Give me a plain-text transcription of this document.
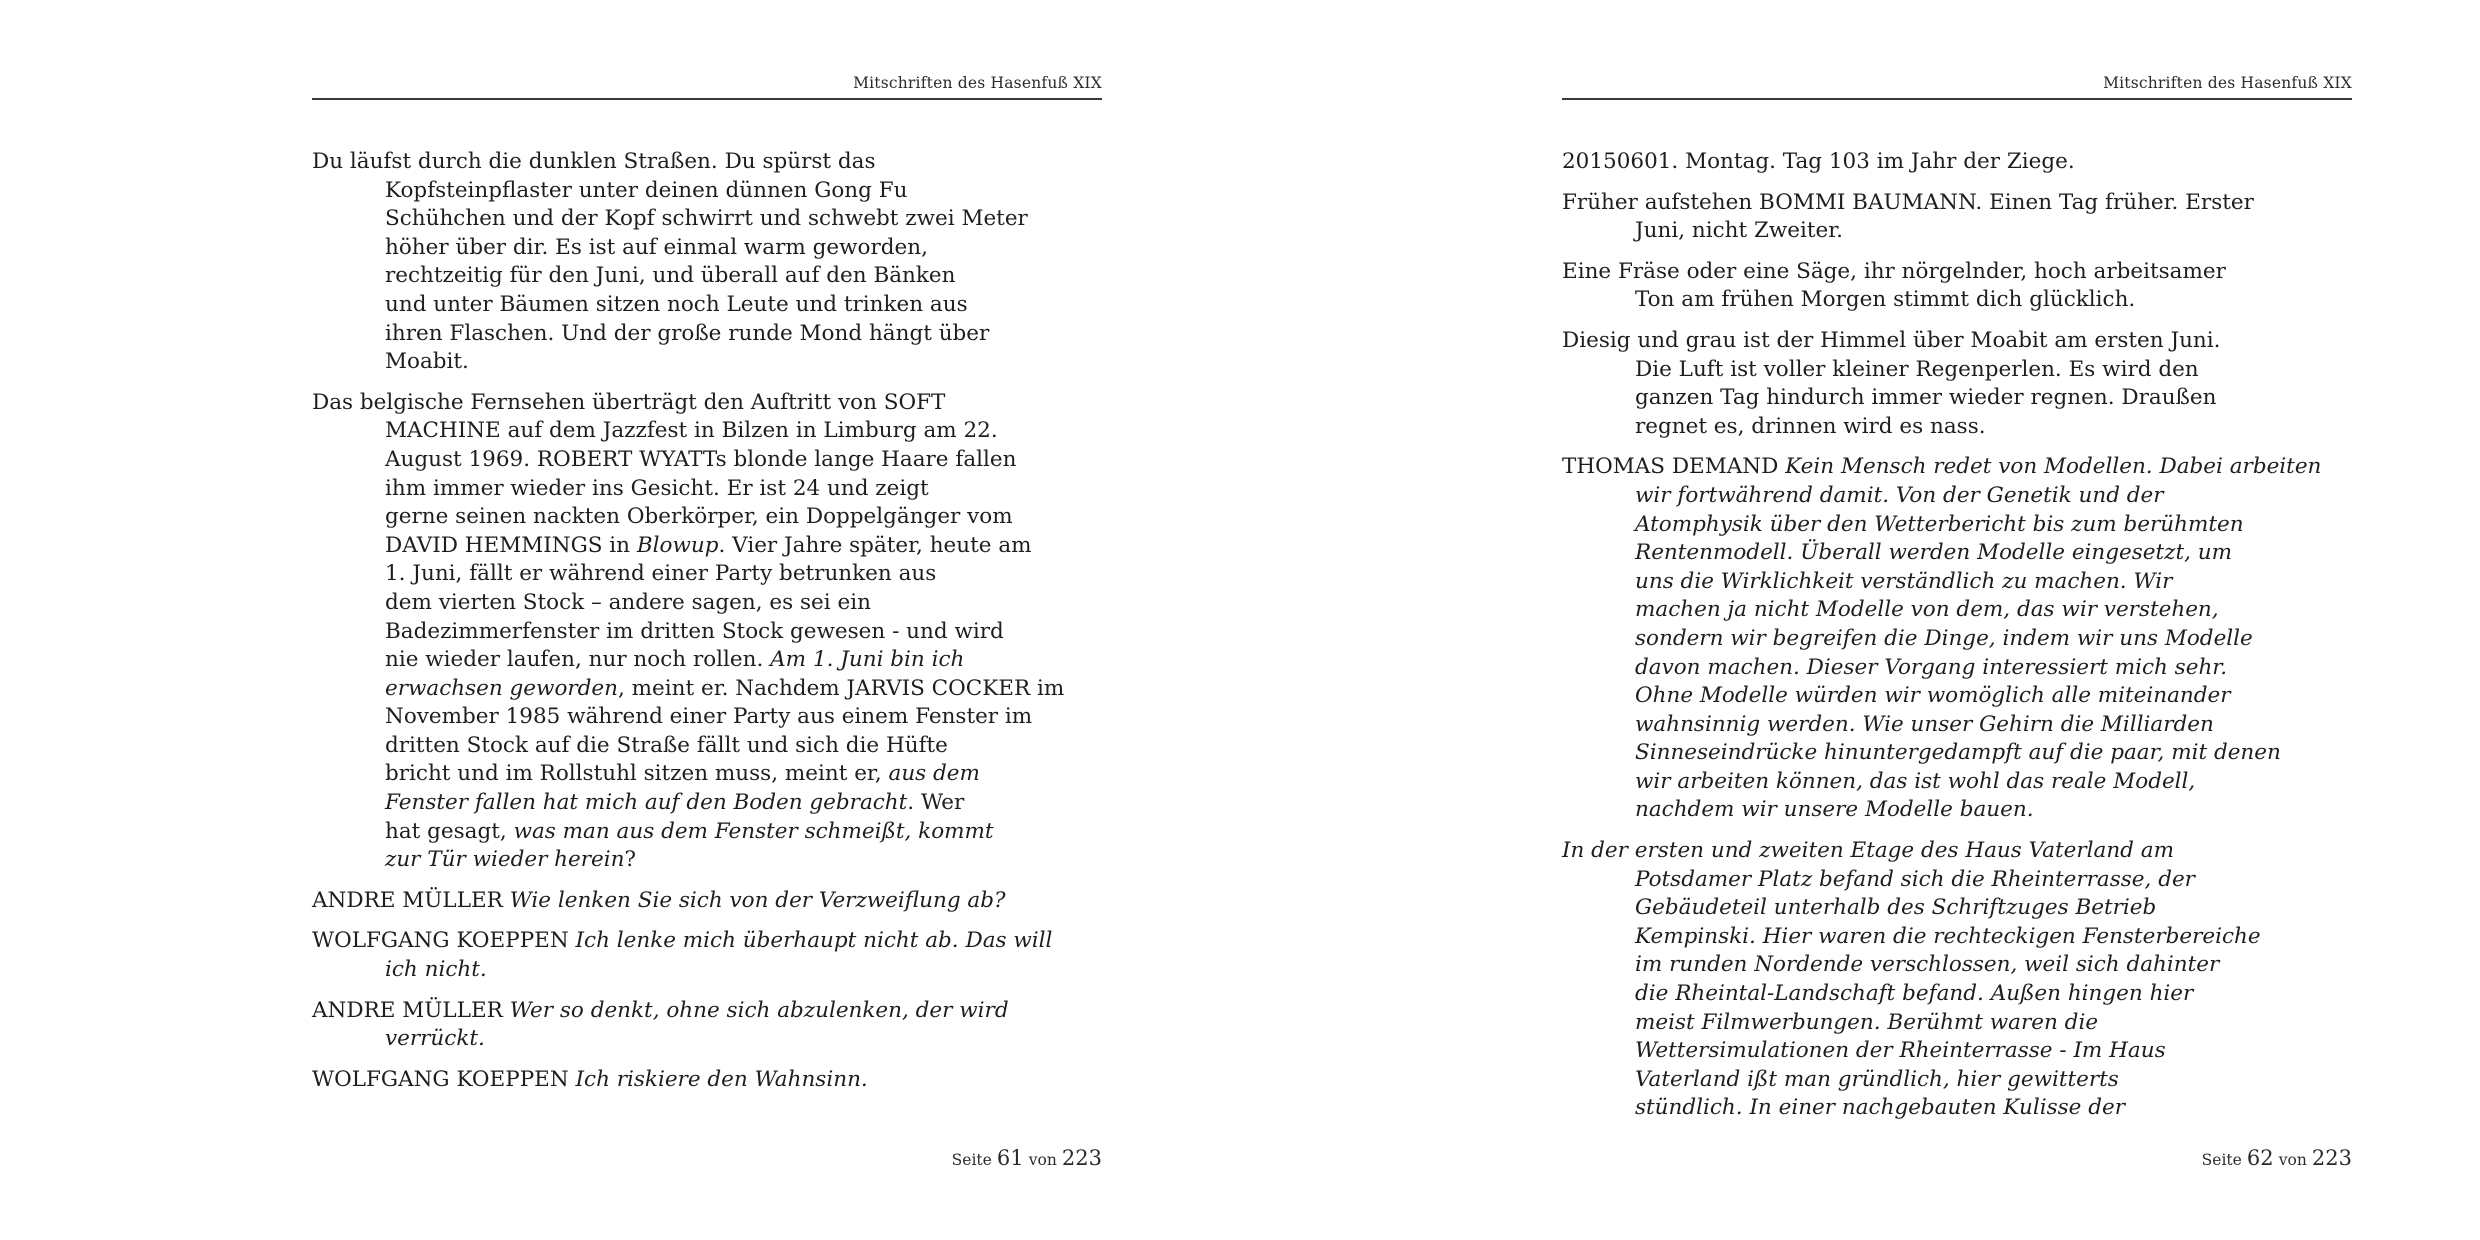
Mitschriften des Hasenfuß XIX

Du läufst durch die dunklen Straßen. Du spürst das
Kopfsteinpflaster unter deinen dünnen Gong Fu
Schühchen und der Kopf schwirrt und schwebt zwei Meter
höher über dir. Es ist auf einmal warm geworden,
rechtzeitig für den Juni, und überall auf den Bänken
und unter Bäumen sitzen noch Leute und trinken aus
ihren Flaschen. Und der große runde Mond hängt über
Moabit.

Das belgische Fernsehen überträgt den Auftritt von SOFT
MACHINE auf dem Jazzfest in Bilzen in Limburg am 22.
August 1969. ROBERT WYATTs blonde lange Haare fallen
ihm immer wieder ins Gesicht. Er ist 24 und zeigt
gerne seinen nackten Oberkörper, ein Doppelgänger vom
DAVID HEMMINGS in Blowup. Vier Jahre später, heute am
1. Juni, fällt er während einer Party betrunken aus
dem vierten Stock – andere sagen, es sei ein
Badezimmerfenster im dritten Stock gewesen - und wird
nie wieder laufen, nur noch rollen. Am 1. Juni bin ich
erwachsen geworden, meint er. Nachdem JARVIS COCKER im
November 1985 während einer Party aus einem Fenster im
dritten Stock auf die Straße fällt und sich die Hüfte
bricht und im Rollstuhl sitzen muss, meint er, aus dem
Fenster fallen hat mich auf den Boden gebracht. Wer
hat gesagt, was man aus dem Fenster schmeißt, kommt
zur Tür wieder herein?

ANDRE MÜLLER Wie lenken Sie sich von der Verzweiflung ab?

WOLFGANG KOEPPEN Ich lenke mich überhaupt nicht ab. Das will
ich nicht.

ANDRE MÜLLER Wer so denkt, ohne sich abzulenken, der wird
verrückt.

WOLFGANG KOEPPEN Ich riskiere den Wahnsinn.

Seite 61 von 223
Mitschriften des Hasenfuß XIX

20150601. Montag. Tag 103 im Jahr der Ziege.

Früher aufstehen BOMMI BAUMANN. Einen Tag früher. Erster
Juni, nicht Zweiter.

Eine Fräse oder eine Säge, ihr nörgelnder, hoch arbeitsamer
Ton am frühen Morgen stimmt dich glücklich.

Diesig und grau ist der Himmel über Moabit am ersten Juni.
Die Luft ist voller kleiner Regenperlen. Es wird den
ganzen Tag hindurch immer wieder regnen. Draußen
regnet es, drinnen wird es nass.

THOMAS DEMAND Kein Mensch redet von Modellen. Dabei arbeiten
wir fortwährend damit. Von der Genetik und der
Atomphysik über den Wetterbericht bis zum berühmten
Rentenmodell. Überall werden Modelle eingesetzt, um
uns die Wirklichkeit verständlich zu machen. Wir
machen ja nicht Modelle von dem, das wir verstehen,
sondern wir begreifen die Dinge, indem wir uns Modelle
davon machen. Dieser Vorgang interessiert mich sehr.
Ohne Modelle würden wir womöglich alle miteinander
wahnsinnig werden. Wie unser Gehirn die Milliarden
Sinneseindrücke hinuntergedampft auf die paar, mit denen
wir arbeiten können, das ist wohl das reale Modell,
nachdem wir unsere Modelle bauen.

In der ersten und zweiten Etage des Haus Vaterland am
Potsdamer Platz befand sich die Rheinterrasse, der
Gebäudeteil unterhalb des Schriftzuges Betrieb
Kempinski. Hier waren die rechteckigen Fensterbereiche
im runden Nordende verschlossen, weil sich dahinter
die Rheintal-Landschaft befand. Außen hingen hier
meist Filmwerbungen. Berühmt waren die
Wettersimulationen der Rheinterrasse - Im Haus
Vaterland ißt man gründlich, hier gewitterts
stündlich. In einer nachgebauten Kulisse der

Seite 62 von 223
